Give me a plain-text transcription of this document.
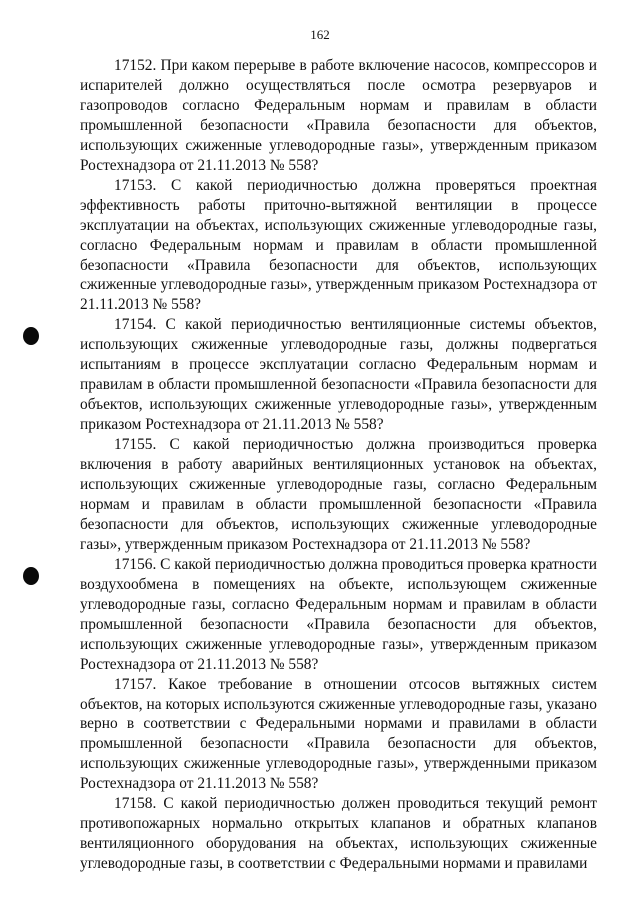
162

17152. При каком перерыве в работе включение насосов, компрессоров и испарителей должно осуществляться после осмотра резервуаров и газопроводов согласно Федеральным нормам и правилам в области промышленной безопасности «Правила безопасности для объектов, использующих сжиженные углеводородные газы», утвержденным приказом Ростехнадзора от 21.11.2013 № 558?

17153. С какой периодичностью должна проверяться проектная эффективность работы приточно-вытяжной вентиляции в процессе эксплуатации на объектах, использующих сжиженные углеводородные газы, согласно Федеральным нормам и правилам в области промышленной безопасности «Правила безопасности для объектов, использующих сжиженные углеводородные газы», утвержденным приказом Ростехнадзора от 21.11.2013 № 558?

17154. С какой периодичностью вентиляционные системы объектов, использующих сжиженные углеводородные газы, должны подвергаться испытаниям в процессе эксплуатации согласно Федеральным нормам и правилам в области промышленной безопасности «Правила безопасности для объектов, использующих сжиженные углеводородные газы», утвержденным приказом Ростехнадзора от 21.11.2013 № 558?

17155. С какой периодичностью должна производиться проверка включения в работу аварийных вентиляционных установок на объектах, использующих сжиженные углеводородные газы, согласно Федеральным нормам и правилам в области промышленной безопасности «Правила безопасности для объектов, использующих сжиженные углеводородные газы», утвержденным приказом Ростехнадзора от 21.11.2013 № 558?

17156. С какой периодичностью должна проводиться проверка кратности воздухообмена в помещениях на объекте, использующем сжиженные углеводородные газы, согласно Федеральным нормам и правилам в области промышленной безопасности «Правила безопасности для объектов, использующих сжиженные углеводородные газы», утвержденным приказом Ростехнадзора от 21.11.2013 № 558?

17157. Какое требование в отношении отсосов вытяжных систем объектов, на которых используются сжиженные углеводородные газы, указано верно в соответствии с Федеральными нормами и правилами в области промышленной безопасности «Правила безопасности для объектов, использующих сжиженные углеводородные газы», утвержденными приказом Ростехнадзора от 21.11.2013 № 558?

17158. С какой периодичностью должен проводиться текущий ремонт противопожарных нормально открытых клапанов и обратных клапанов вентиляционного оборудования на объектах, использующих сжиженные углеводородные газы, в соответствии с Федеральными нормами и правилами
